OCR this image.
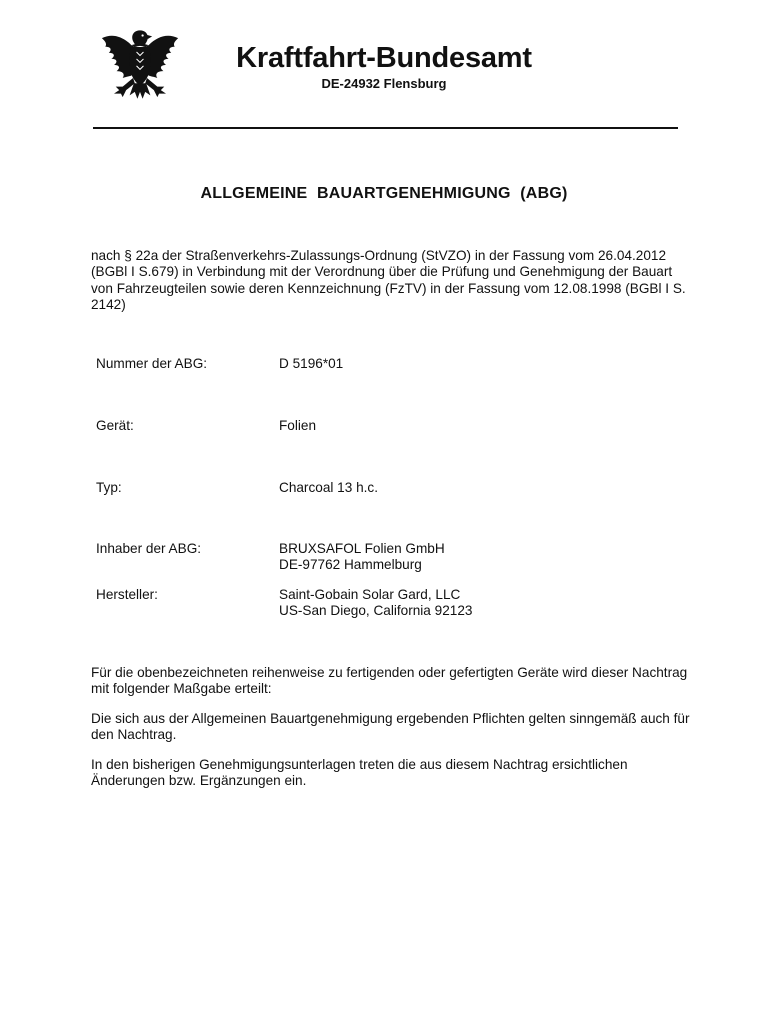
Kraftfahrt-Bundesamt
DE-24932 Flensburg
ALLGEMEINE BAUARTGENEHMIGUNG (ABG)
nach § 22a der Straßenverkehrs-Zulassungs-Ordnung (StVZO) in der Fassung vom 26.04.2012 (BGBl I S.679) in Verbindung mit der Verordnung über die Prüfung und Genehmigung der Bauart von Fahrzeugteilen sowie deren Kennzeichnung (FzTV) in der Fassung vom 12.08.1998 (BGBl I S. 2142)
Nummer der ABG:	D 5196*01
Gerät:	Folien
Typ:	Charcoal 13 h.c.
Inhaber der ABG:	BRUXSAFOL Folien GmbH
DE-97762 Hammelburg
Hersteller:	Saint-Gobain Solar Gard, LLC
US-San Diego, California 92123
Für die obenbezeichneten reihenweise zu fertigenden oder gefertigten Geräte wird dieser Nachtrag mit folgender Maßgabe erteilt:
Die sich aus der Allgemeinen Bauartgenehmigung ergebenden Pflichten gelten sinngemäß auch für den Nachtrag.
In den bisherigen Genehmigungsunterlagen treten die aus diesem Nachtrag ersichtlichen Änderungen bzw. Ergänzungen ein.
